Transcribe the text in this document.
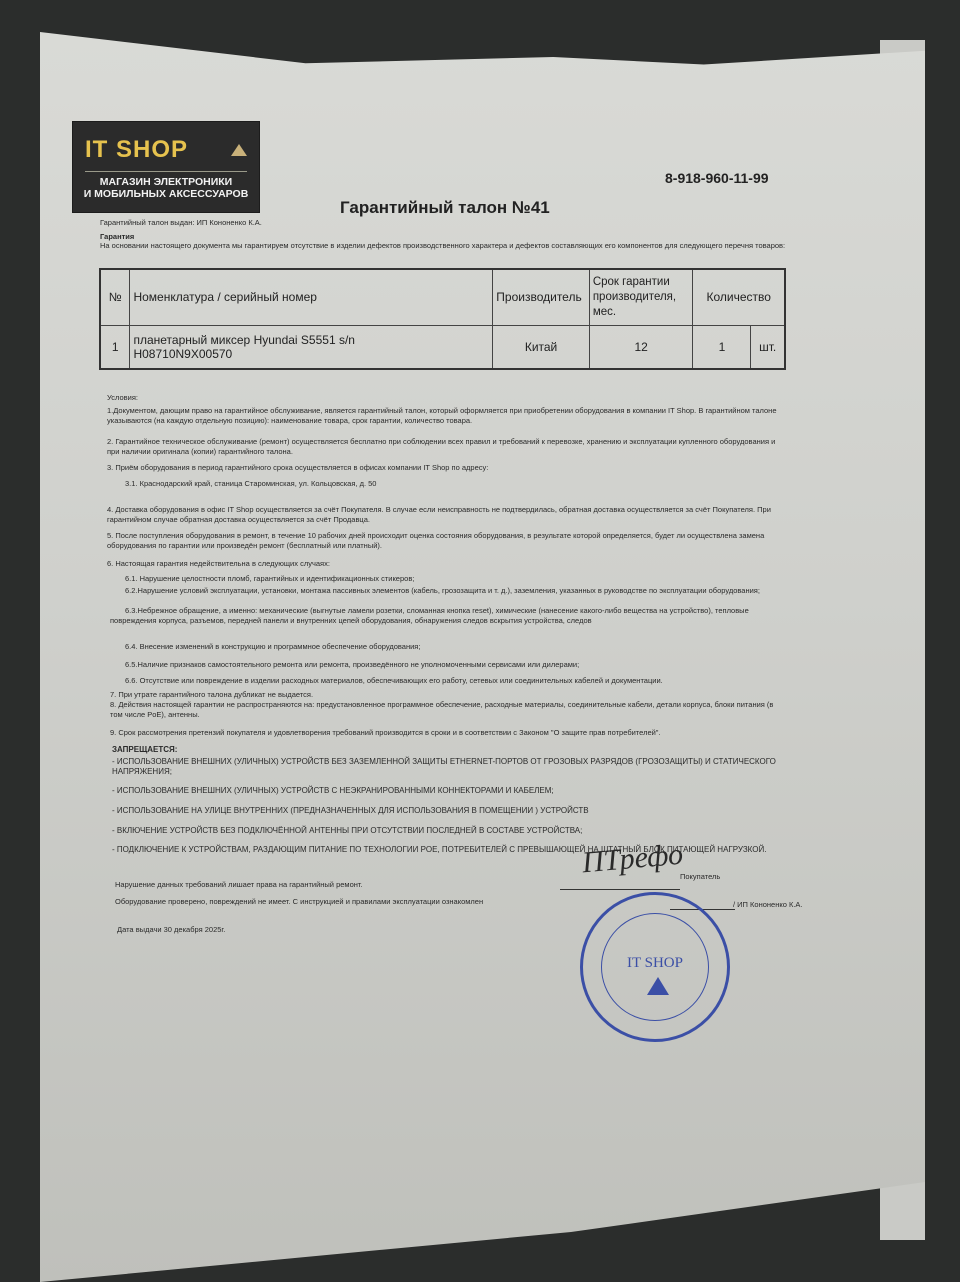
IT SHOP
МАГАЗИН ЭЛЕКТРОНИКИ
И МОБИЛЬНЫХ АКСЕССУАРОВ
8-918-960-11-99
Гарантийный талон №41
Гарантийный талон выдан: ИП Кононенко К.А.
Гарантия
На основании настоящего документа мы гарантируем отсутствие в изделии дефектов производственного характера и дефектов составляющих его компонентов для следующего перечня товаров:
№	Номенклатура / серийный номер	Производитель	Срок гарантии производителя, мес.	Количество	
1	планетарный миксер Hyundai S5551 s/n
H08710N9X00570	Китай	12	1	шт.
Условия:
1.Документом, дающим право на гарантийное обслуживание, является гарантийный талон, который оформляется при приобретении оборудования в компании IT Shop. В гарантийном талоне указываются (на каждую отдельную позицию): наименование товара, срок гарантии, количество товара.
2. Гарантийное техническое обслуживание (ремонт) осуществляется бесплатно при соблюдении всех правил и требований к перевозке, хранению и эксплуатации купленного оборудования и при наличии оригинала (копии) гарантийного талона.
3. Приём оборудования в период гарантийного срока осуществляется в офисах компании IT Shop по адресу:
3.1. Краснодарский край, станица Староминская, ул. Кольцовская, д. 50
4. Доставка оборудования в офис IT Shop осуществляется за счёт Покупателя. В случае если неисправность не подтвердилась, обратная доставка осуществляется за счёт Покупателя. При гарантийном случае обратная доставка осуществляется за счёт Продавца.
5. После поступления оборудования в ремонт, в течение 10 рабочих дней происходит оценка состояния оборудования, в результате которой определяется, будет ли осуществлена замена оборудования по гарантии или произведён ремонт (бесплатный или платный).
6. Настоящая гарантия недействительна в следующих случаях:
6.1. Нарушение целостности пломб, гарантийных и идентификационных стикеров;
6.2.Нарушение условий эксплуатации, установки, монтажа пассивных элементов (кабель, грозозащита и т. д.), заземления, указанных в руководстве по эксплуатации оборудования;
6.3.Небрежное обращение, а именно: механические (выгнутые ламели розетки, сломанная кнопка reset), химические (нанесение какого-либо вещества на устройство), тепловые повреждения корпуса, разъемов, передней панели и внутренних цепей оборудования, обнаружения следов вскрытия устройства, следов
6.4. Внесение изменений в конструкцию и программное обеспечение оборудования;
6.5.Наличие признаков самостоятельного ремонта или ремонта, произведённого не уполномоченными сервисами или дилерами;
6.6. Отсутствие или повреждение в изделии расходных материалов, обеспечивающих его работу, сетевых или соединительных кабелей и документации.
7. При утрате гарантийного талона дубликат не выдается.
8. Действия настоящей гарантии не распространяются на: предустановленное программное обеспечение, расходные материалы, соединительные кабели, детали корпуса, блоки питания (в том числе PoE), антенны.
9. Срок рассмотрения претензий покупателя и удовлетворения требований производится в сроки и в соответствии с Законом "О защите прав потребителей".
ЗАПРЕЩАЕТСЯ:
- ИСПОЛЬЗОВАНИЕ ВНЕШНИХ (УЛИЧНЫХ) УСТРОЙСТВ БЕЗ ЗАЗЕМЛЕННОЙ ЗАЩИТЫ ETHERNET-ПОРТОВ ОТ ГРОЗОВЫХ РАЗРЯДОВ (ГРОЗОЗАЩИТЫ) И СТАТИЧЕСКОГО НАПРЯЖЕНИЯ;
- ИСПОЛЬЗОВАНИЕ ВНЕШНИХ (УЛИЧНЫХ) УСТРОЙСТВ С НЕЭКРАНИРОВАННЫМИ КОННЕКТОРАМИ И КАБЕЛЕМ;
- ИСПОЛЬЗОВАНИЕ НА УЛИЦЕ ВНУТРЕННИХ (ПРЕДНАЗНАЧЕННЫХ ДЛЯ ИСПОЛЬЗОВАНИЯ В ПОМЕЩЕНИИ ) УСТРОЙСТВ
- ВКЛЮЧЕНИЕ УСТРОЙСТВ БЕЗ ПОДКЛЮЧЁННОЙ АНТЕННЫ ПРИ ОТСУТСТВИИ ПОСЛЕДНЕЙ В СОСТАВЕ УСТРОЙСТВА;
- ПОДКЛЮЧЕНИЕ К УСТРОЙСТВАМ, РАЗДАЮЩИМ ПИТАНИЕ ПО ТЕХНОЛОГИИ POE, ПОТРЕБИТЕЛЕЙ С ПРЕВЫШАЮЩЕЙ НА ШТАТНЫЙ БЛОК ПИТАЮЩЕЙ НАГРУЗКОЙ.
Нарушение данных требований лишает права на гарантийный ремонт.
Оборудование проверено, повреждений не имеет. С инструкцией и правилами эксплуатации ознакомлен
Покупатель
ПТрефо
/ ИП Кононенко К.А.
Дата выдачи 30 декабря 2025г.
IT SHOP
